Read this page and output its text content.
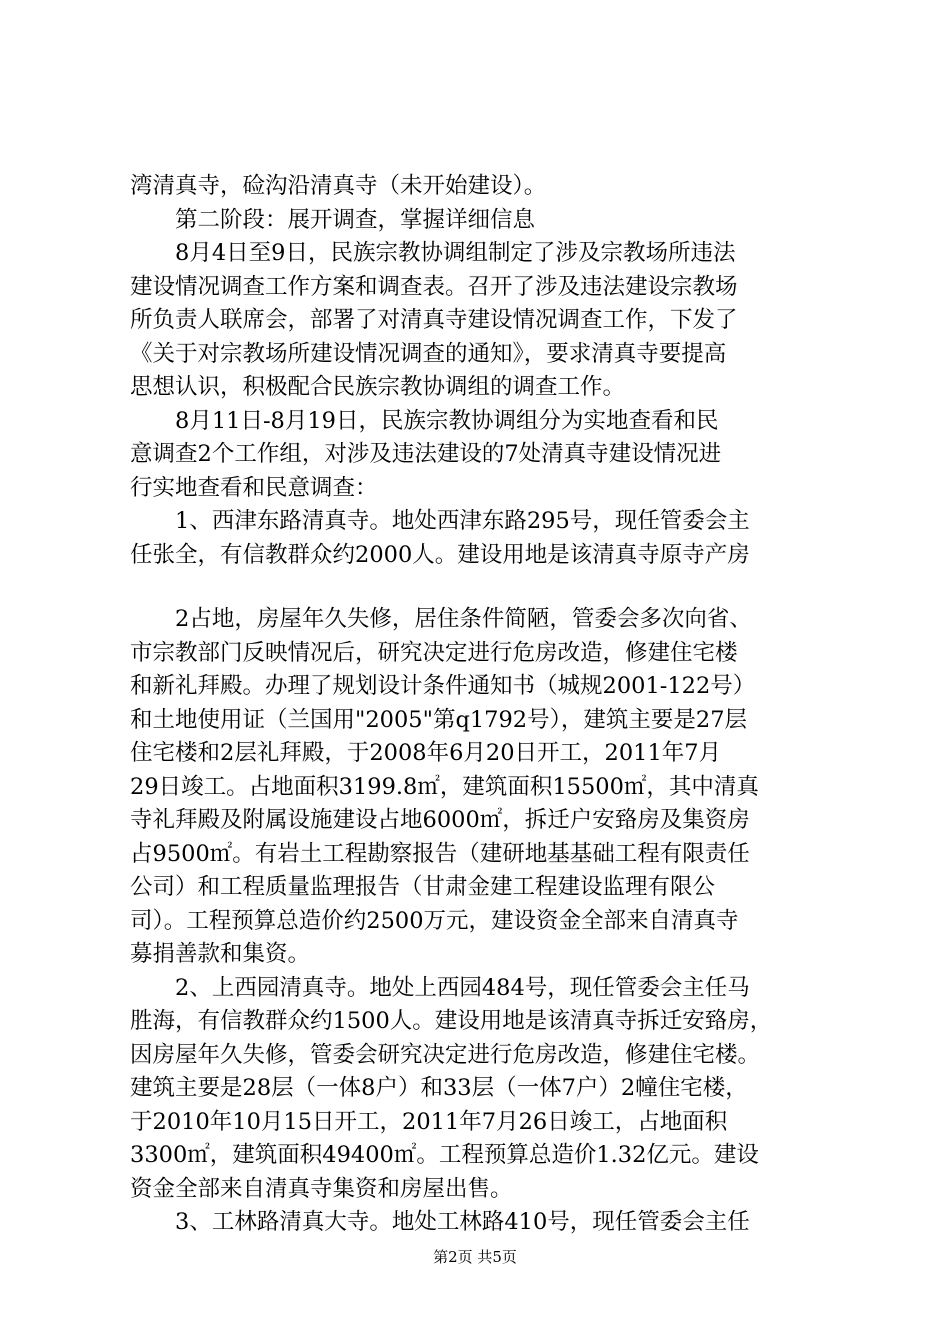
湾清真寺，硷沟沿清真寺（未开始建设）。
　　第二阶段：展开调查，掌握详细信息
　　8月4日至9日，民族宗教协调组制定了涉及宗教场所违法
建设情况调查工作方案和调查表。召开了涉及违法建设宗教场
所负责人联席会，部署了对清真寺建设情况调查工作，下发了
《关于对宗教场所建设情况调查的通知》，要求清真寺要提高
思想认识，积极配合民族宗教协调组的调查工作。
　　8月11日-8月19日，民族宗教协调组分为实地查看和民
意调查2个工作组，对涉及违法建设的7处清真寺建设情况进
行实地查看和民意调查：
　　1、西津东路清真寺。地处西津东路295号，现任管委会主
任张全，有信教群众约2000人。建设用地是该清真寺原寺产房
　　2占地，房屋年久失修，居住条件简陋，管委会多次向省、
市宗教部门反映情况后，研究决定进行危房改造，修建住宅楼
和新礼拜殿。办理了规划设计条件通知书（城规2001-122号）
和土地使用证（兰国用"2005"第q1792号），建筑主要是27层
住宅楼和2层礼拜殿，于2008年6月20日开工，2011年7月
29日竣工。占地面积3199.8㎡，建筑面积15500㎡，其中清真
寺礼拜殿及附属设施建设占地6000㎡，拆迁户安臵房及集资房
占9500㎡。有岩土工程勘察报告（建研地基基础工程有限责任
公司）和工程质量监理报告（甘肃金建工程建设监理有限公
司）。工程预算总造价约2500万元，建设资金全部来自清真寺
募捐善款和集资。
　　2、上西园清真寺。地处上西园484号，现任管委会主任马
胜海，有信教群众约1500人。建设用地是该清真寺拆迁安臵房，
因房屋年久失修，管委会研究决定进行危房改造，修建住宅楼。
建筑主要是28层（一体8户）和33层（一体7户）2幢住宅楼，
于2010年10月15日开工，2011年7月26日竣工，占地面积
3300㎡，建筑面积49400㎡。工程预算总造价1.32亿元。建设
资金全部来自清真寺集资和房屋出售。
　　3、工林路清真大寺。地处工林路410号，现任管委会主任
第2页 共5页
